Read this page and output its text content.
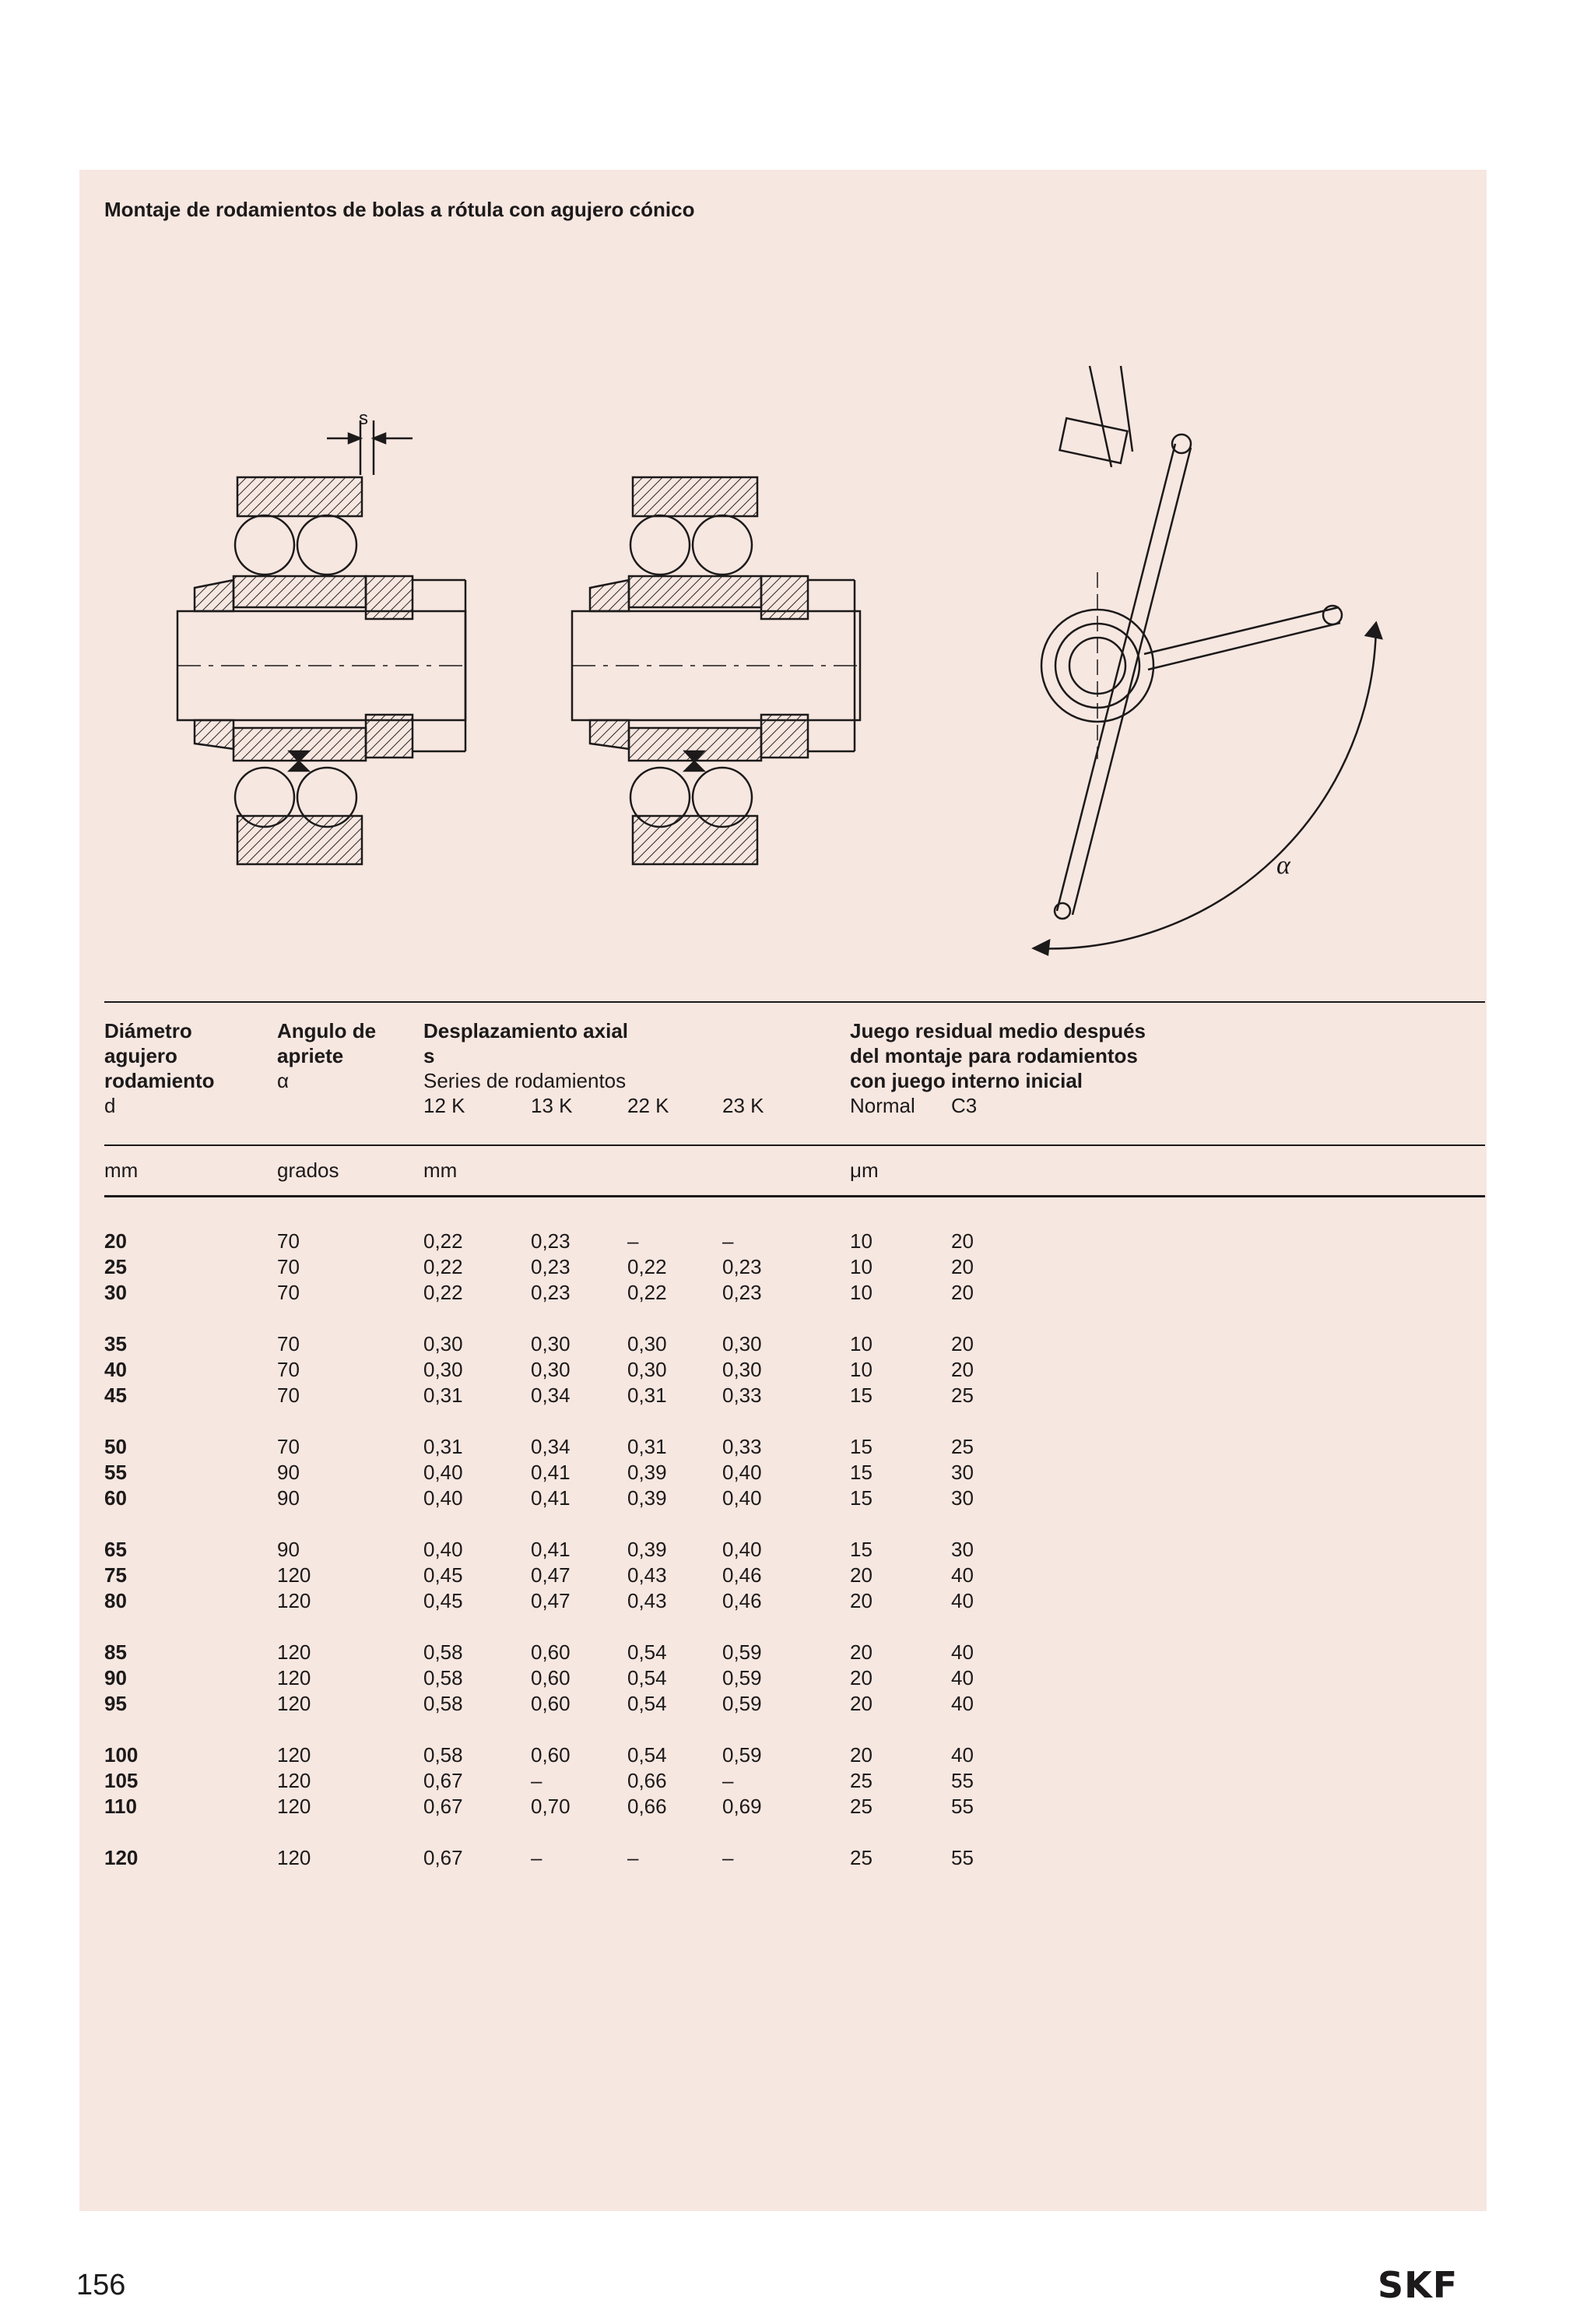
Montaje de rodamientos de bolas a rótula con agujero cónico
s
α
Diámetro
agujero
rodamiento
d
Angulo de
apriete
α
Desplazamiento axial
s
Series de rodamientos
12 K	13 K	22 K	23 K
Juego residual medio después
del montaje para rodamientos
con juego interno inicial
Normal C3
mm	grados	mm	μm
20	70	0,22	0,23	–	–	10	20
25	70	0,22	0,23	0,22	0,23	10	20
30	70	0,22	0,23	0,22	0,23	10	20
35	70	0,30	0,30	0,30	0,30	10	20
40	70	0,30	0,30	0,30	0,30	10	20
45	70	0,31	0,34	0,31	0,33	15	25
50	70	0,31	0,34	0,31	0,33	15	25
55	90	0,40	0,41	0,39	0,40	15	30
60	90	0,40	0,41	0,39	0,40	15	30
65	90	0,40	0,41	0,39	0,40	15	30
75	120	0,45	0,47	0,43	0,46	20	40
80	120	0,45	0,47	0,43	0,46	20	40
85	120	0,58	0,60	0,54	0,59	20	40
90	120	0,58	0,60	0,54	0,59	20	40
95	120	0,58	0,60	0,54	0,59	20	40
100	120	0,58	0,60	0,54	0,59	20	40
105	120	0,67	–	0,66	–	25	55
110	120	0,67	0,70	0,66	0,69	25	55
120	120	0,67	–	–	–	25	55
156	SKF
